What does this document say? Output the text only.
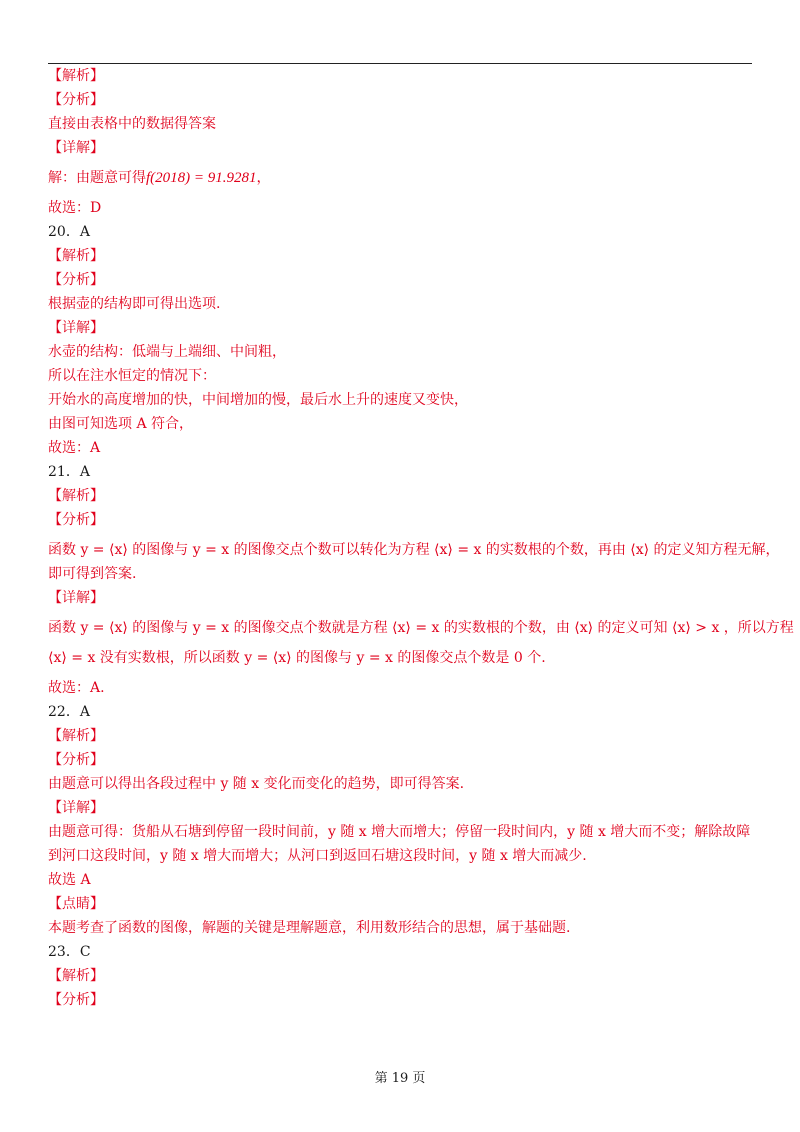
【解析】
【分析】
直接由表格中的数据得答案
【详解】
解：由题意可得f(2018) = 91.9281，
故选：D
20．A
【解析】
【分析】
根据壶的结构即可得出选项.
【详解】
水壶的结构：低端与上端细、中间粗，
所以在注水恒定的情况下：
开始水的高度增加的快，中间增加的慢，最后水上升的速度又变快，
由图可知选项 A 符合，
故选：A
21．A
【解析】
【分析】
函数 y = ⟨x⟩ 的图像与 y = x 的图像交点个数可以转化为方程 ⟨x⟩ = x 的实数根的个数，再由 ⟨x⟩ 的定义知方程无解，
即可得到答案.
【详解】
函数 y = ⟨x⟩ 的图像与 y = x 的图像交点个数就是方程 ⟨x⟩ = x 的实数根的个数，由 ⟨x⟩ 的定义可知 ⟨x⟩ > x ，所以方程
⟨x⟩ = x 没有实数根，所以函数 y = ⟨x⟩ 的图像与 y = x 的图像交点个数是 0 个.
故选：A.
22．A
【解析】
【分析】
由题意可以得出各段过程中 y 随 x 变化而变化的趋势，即可得答案.
【详解】
由题意可得：货船从石塘到停留一段时间前，y 随 x 增大而增大；停留一段时间内，y 随 x 增大而不变；解除故障
到河口这段时间，y 随 x 增大而增大；从河口到返回石塘这段时间，y 随 x 增大而减少.
故选 A
【点睛】
本题考查了函数的图像，解题的关键是理解题意，利用数形结合的思想，属于基础题.
23．C
【解析】
【分析】
第 19 页
